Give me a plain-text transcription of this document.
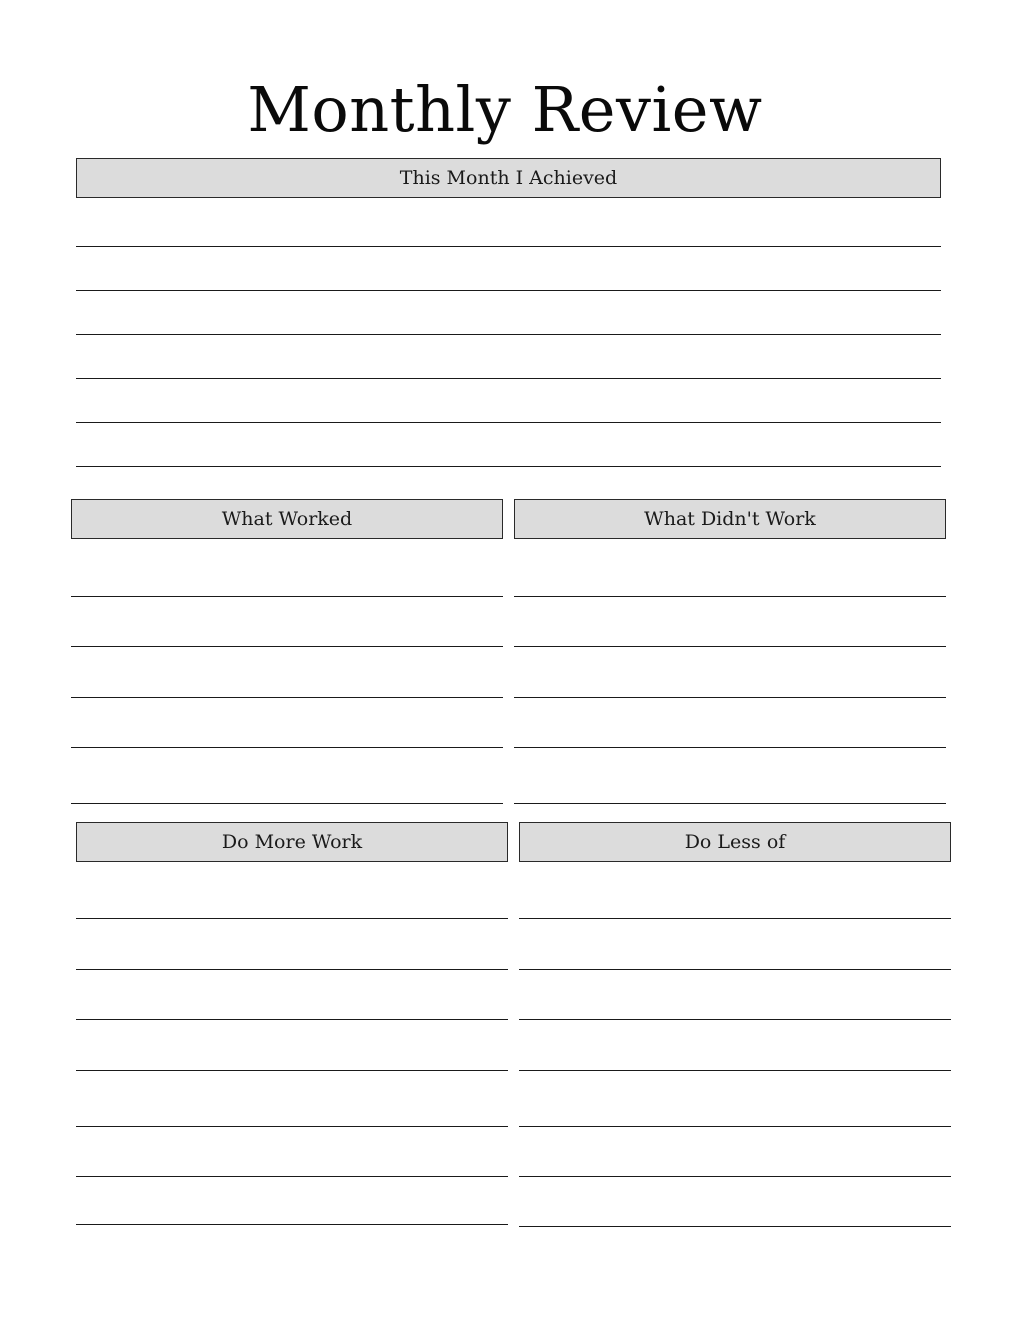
Monthly Review
This Month I Achieved
What Worked	What Didn't Work
Do More Work	Do Less of
